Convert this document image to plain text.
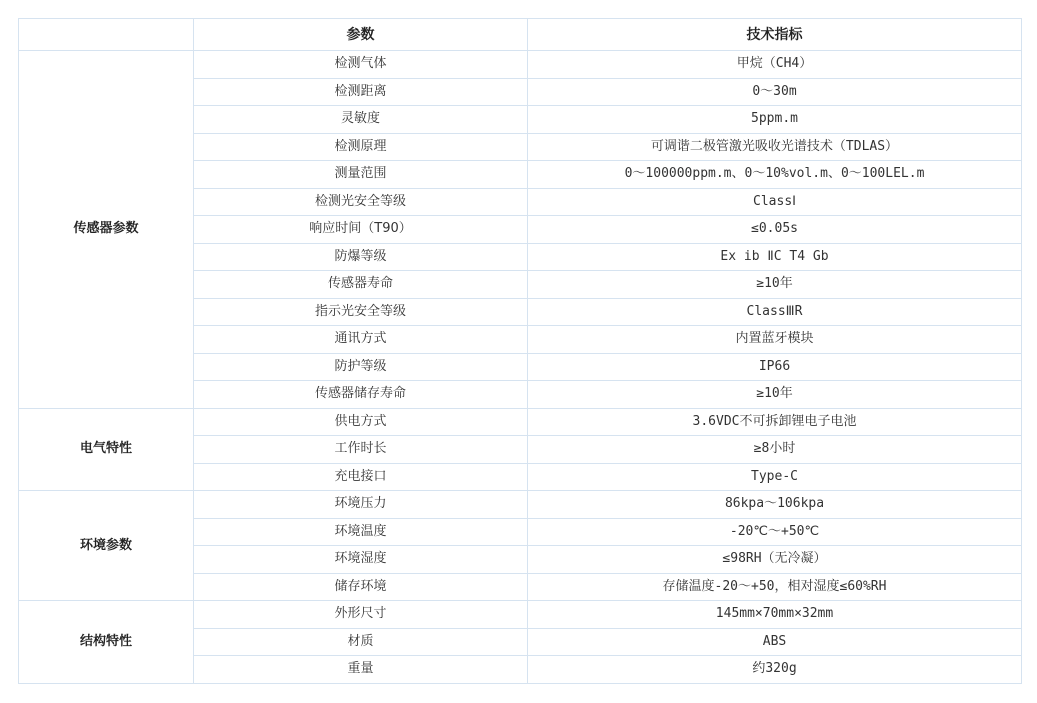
	参数	技术指标
传感器参数	检测气体	甲烷（CH4）
	检测距离	0～30m
	灵敏度	5ppm.m
	检测原理	可调谐二极管激光吸收光谱技术（TDLAS）
	测量范围	0～100000ppm.m、0～10%vol.m、0～100LEL.m
	检测光安全等级	ClassⅠ
	响应时间（T90）	≤0.05s
	防爆等级	Ex ib ⅡC T4 Gb
	传感器寿命	≥10年
	指示光安全等级	ClassⅢR
	通讯方式	内置蓝牙模块
	防护等级	IP66
	传感器储存寿命	≥10年
电气特性	供电方式	3.6VDC不可拆卸锂电子电池
	工作时长	≥8小时
	充电接口	Type-C
环境参数	环境压力	86kpa～106kpa
	环境温度	-20℃～+50℃
	环境湿度	≤98RH（无冷凝）
	储存环境	存储温度-20～+50，相对湿度≤60%RH
结构特性	外形尺寸	145mm×70mm×32mm
	材质	ABS
	重量	约320g
